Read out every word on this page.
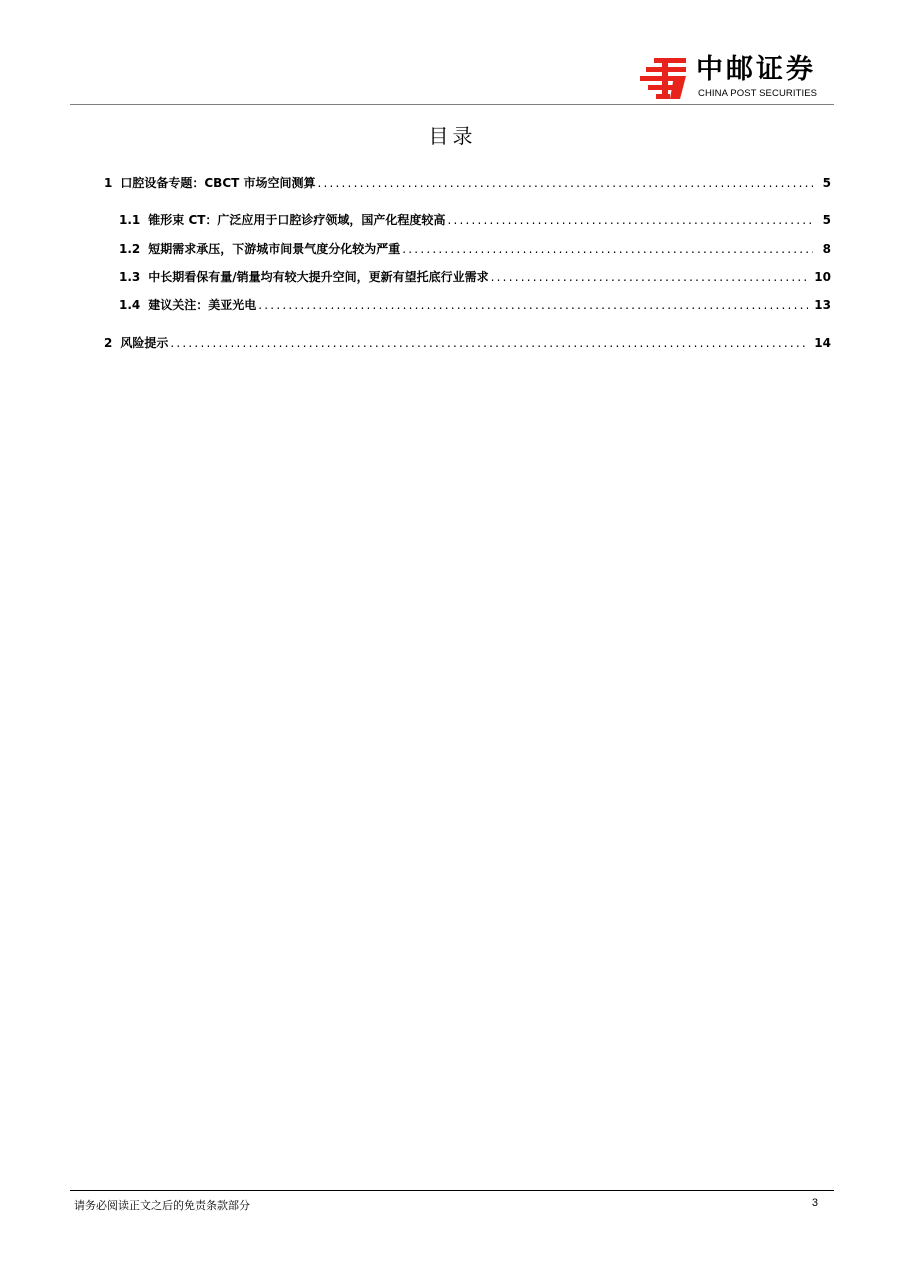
中邮证券
CHINA POST SECURITIES
目录
1 口腔设备专题：CBCT 市场空间测算 .....	5
1.1 锥形束 CT：广泛应用于口腔诊疗领域，国产化程度较高 .....	5
1.2 短期需求承压，下游城市间景气度分化较为严重 .....	8
1.3 中长期看保有量/销量均有较大提升空间，更新有望托底行业需求 .....	10
1.4 建议关注：美亚光电 .....	13
2 风险提示 .....	14
请务必阅读正文之后的免责条款部分	3
